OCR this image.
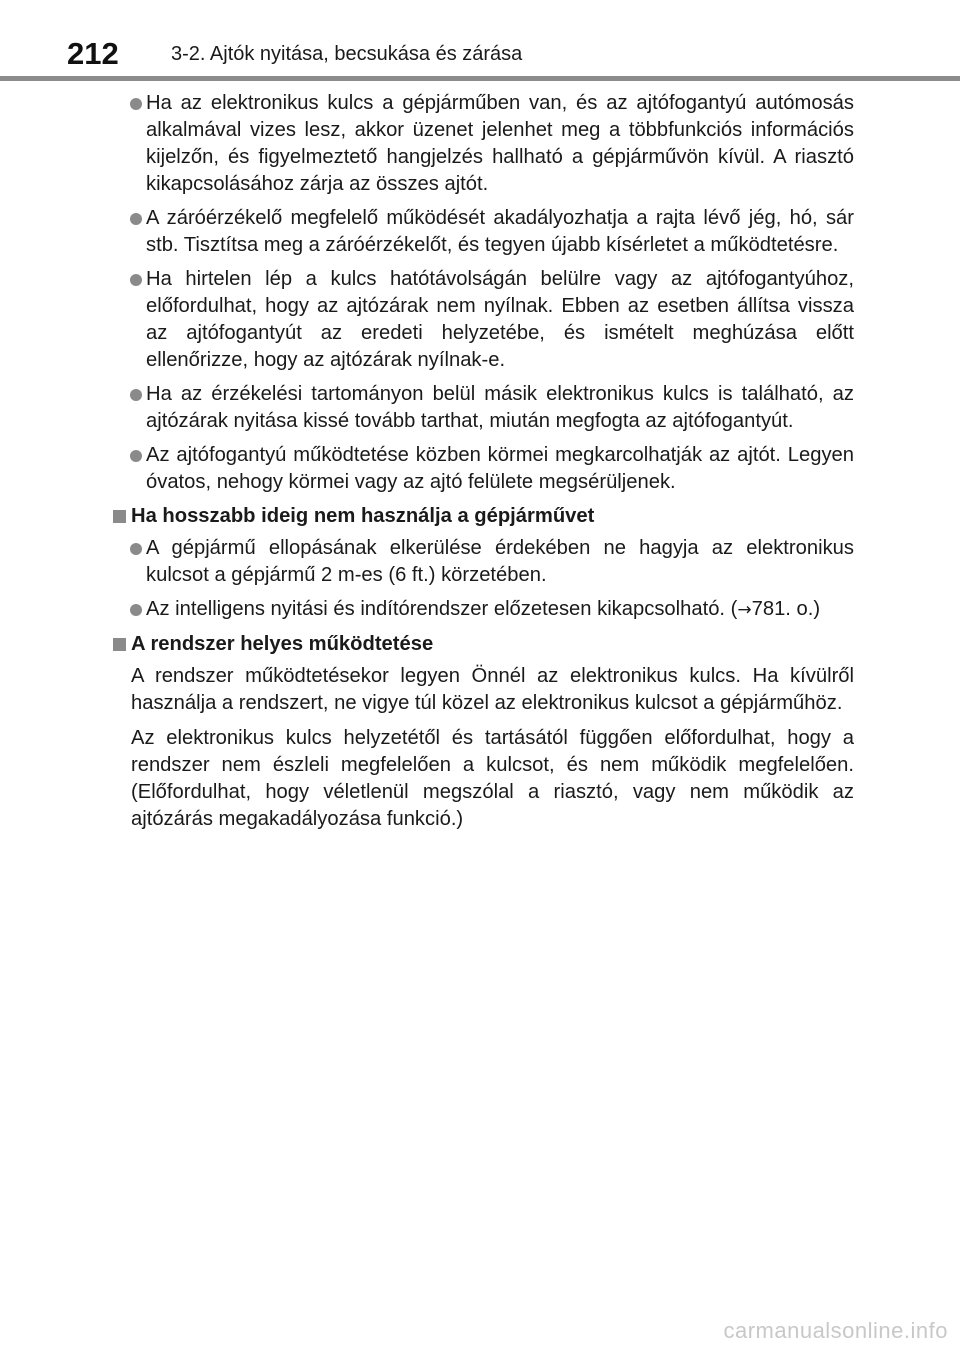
212	3-2. Ajtók nyitása, becsukása és zárása
Ha az elektronikus kulcs a gépjárműben van, és az ajtófogantyú autómosás alkalmával vizes lesz, akkor üzenet jelenhet meg a többfunkciós információs kijelzőn, és figyelmeztető hangjelzés hallható a gépjárművön kívül. A riasztó kikapcsolásához zárja az összes ajtót.
A záróérzékelő megfelelő működését akadályozhatja a rajta lévő jég, hó, sár stb. Tisztítsa meg a záróérzékelőt, és tegyen újabb kísérletet a működtetésre.
Ha hirtelen lép a kulcs hatótávolságán belülre vagy az ajtófogantyúhoz, előfordulhat, hogy az ajtózárak nem nyílnak. Ebben az esetben állítsa vissza az ajtófogantyút az eredeti helyzetébe, és ismételt meghúzása előtt ellenőrizze, hogy az ajtózárak nyílnak-e.
Ha az érzékelési tartományon belül másik elektronikus kulcs is található, az ajtózárak nyitása kissé tovább tarthat, miután megfogta az ajtófogantyút.
Az ajtófogantyú működtetése közben körmei megkarcolhatják az ajtót. Legyen óvatos, nehogy körmei vagy az ajtó felülete megsérüljenek.
Ha hosszabb ideig nem használja a gépjárművet
A gépjármű ellopásának elkerülése érdekében ne hagyja az elektronikus kulcsot a gépjármű 2 m-es (6 ft.) körzetében.
Az intelligens nyitási és indítórendszer előzetesen kikapcsolható. (→781. o.)
A rendszer helyes működtetése
A rendszer működtetésekor legyen Önnél az elektronikus kulcs. Ha kívülről használja a rendszert, ne vigye túl közel az elektronikus kulcsot a gépjárműhöz.
Az elektronikus kulcs helyzetétől és tartásától függően előfordulhat, hogy a rendszer nem észleli megfelelően a kulcsot, és nem működik megfelelően. (Előfordulhat, hogy véletlenül megszólal a riasztó, vagy nem működik az ajtózárás megakadályozása funkció.)
carmanualsonline.info
